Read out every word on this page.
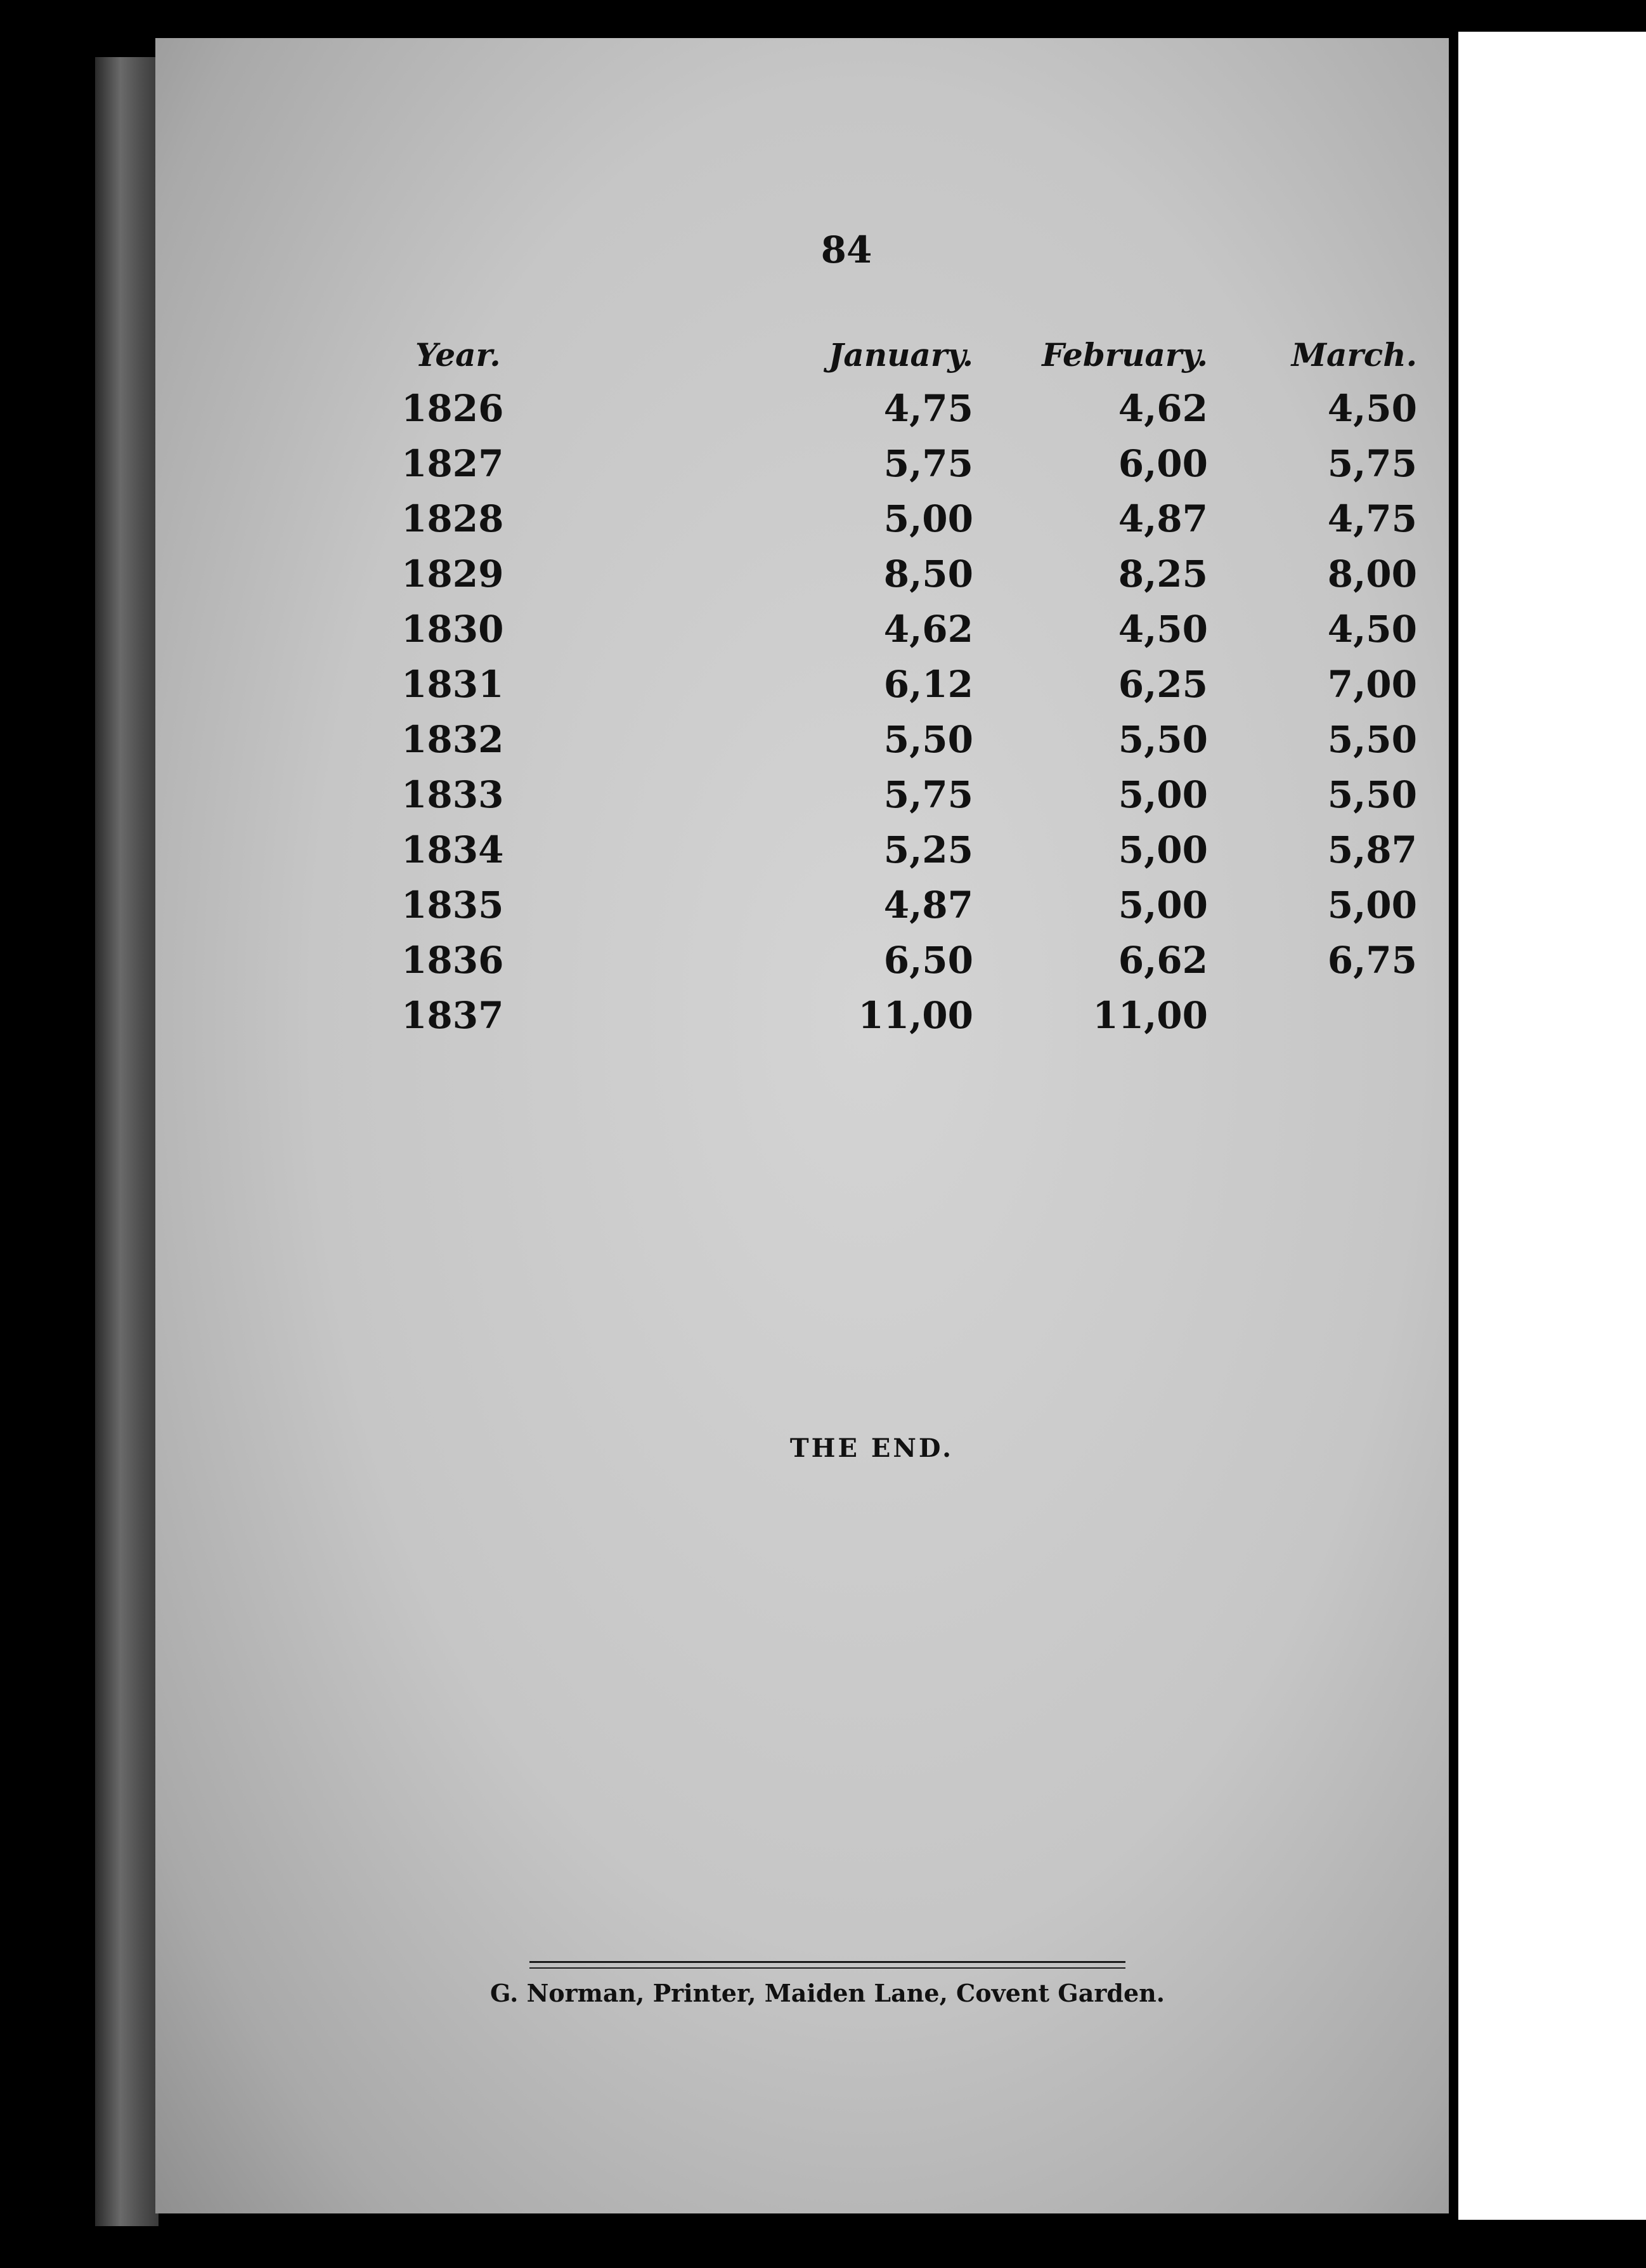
84
Year.	January.	February.	March.
1826	4,75	4,62	4,50
1827	5,75	6,00	5,75
1828	5,00	4,87	4,75
1829	8,50	8,25	8,00
1830	4,62	4,50	4,50
1831	6,12	6,25	7,00
1832	5,50	5,50	5,50
1833	5,75	5,00	5,50
1834	5,25	5,00	5,87
1835	4,87	5,00	5,00
1836	6,50	6,62	6,75
1837	11,00	11,00
THE END.
G. Norman, Printer, Maiden Lane, Covent Garden.
